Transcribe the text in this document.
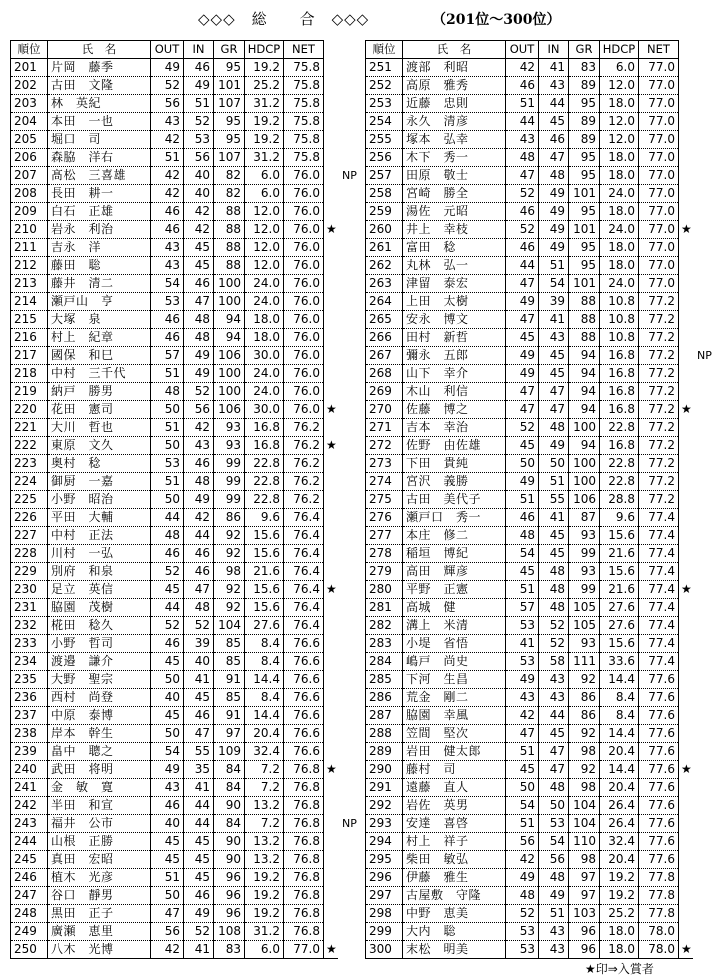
◇◇◇　総　　合　◇◇◇	（201位～300位）
順位	氏　名	OUT	IN	GR	HDCP	NET	
201	片岡　藤季	49	46	95	19.2	75.8	
202	古田　文隆	52	49	101	25.2	75.8	
203	林　英紀	56	51	107	31.2	75.8	
204	本田　一也	43	52	95	19.2	75.8	
205	堀口　司	42	53	95	19.2	75.8	
206	森脇　洋右	51	56	107	31.2	75.8	
207	髙松　三喜雄	42	40	82	6.0	76.0	
208	長田　耕一	42	40	82	6.0	76.0	
209	白石　正雄	46	42	88	12.0	76.0	
210	岩永　利治	46	42	88	12.0	76.0	★
211	吉永　洋	43	45	88	12.0	76.0	
212	藤田　聡	43	45	88	12.0	76.0	
213	藤井　清二	54	46	100	24.0	76.0	
214	瀬戸山　亨	53	47	100	24.0	76.0	
215	大塚　泉	46	48	94	18.0	76.0	
216	村上　紀章	46	48	94	18.0	76.0	
217	國保　和巳	57	49	106	30.0	76.0	
218	中村　三千代	51	49	100	24.0	76.0	
219	納戸　勝男	48	52	100	24.0	76.0	
220	花田　憲司	50	56	106	30.0	76.0	★
221	大川　哲也	51	42	93	16.8	76.2	
222	東原　文久	50	43	93	16.8	76.2	★
223	奥村　稔	53	46	99	22.8	76.2	
224	御厨　一嘉	51	48	99	22.8	76.2	
225	小野　昭治	50	49	99	22.8	76.2	
226	平田　大輔	44	42	86	9.6	76.4	
227	中村　正法	48	44	92	15.6	76.4	
228	川村　一弘	46	46	92	15.6	76.4	
229	別府　和泉	52	46	98	21.6	76.4	
230	足立　英信	45	47	92	15.6	76.4	★
231	脇園　茂樹	44	48	92	15.6	76.4	
232	椛田　稔久	52	52	104	27.6	76.4	
233	小野　哲司	46	39	85	8.4	76.6	
234	渡邉　謙介	45	40	85	8.4	76.6	
235	大野　聖宗	50	41	91	14.4	76.6	
236	西村　尚登	40	45	85	8.4	76.6	
237	中原　泰博	45	46	91	14.4	76.6	
238	岸本　幹生	50	47	97	20.4	76.6	
239	畠中　聰之	54	55	109	32.4	76.6	
240	武田　将明	49	35	84	7.2	76.8	★
241	金　敏　寛	43	41	84	7.2	76.8	
242	半田　和宣	46	44	90	13.2	76.8	
243	福井　公市	40	44	84	7.2	76.8	
244	山根　正勝	45	45	90	13.2	76.8	
245	真田　宏昭	45	45	90	13.2	76.8	
246	植木　光彦	51	45	96	19.2	76.8	
247	谷口　靜男	50	46	96	19.2	76.8	
248	黒田　正子	47	49	96	19.2	76.8	
249	廣瀬　恵里	56	52	108	31.2	76.8	
250	八木　光博	42	41	83	6.0	77.0	★
順位	氏　名	OUT	IN	GR	HDCP	NET	
251	渡部　利昭	42	41	83	6.0	77.0	
252	高原　雅秀	46	43	89	12.0	77.0	
253	近藤　忠則	51	44	95	18.0	77.0	
254	永久　清彦	44	45	89	12.0	77.0	
255	塚本　弘幸	43	46	89	12.0	77.0	
256	木下　秀一	48	47	95	18.0	77.0	
257	田原　敬士	47	48	95	18.0	77.0	
258	宮崎　勝全	52	49	101	24.0	77.0	
259	湯佐　元昭	46	49	95	18.0	77.0	
260	井上　幸枝	52	49	101	24.0	77.0	★
261	富田　稔	46	49	95	18.0	77.0	
262	丸林　弘一	44	51	95	18.0	77.0	
263	津留　泰宏	47	54	101	24.0	77.0	
264	上田　太樹	49	39	88	10.8	77.2	
265	安永　博文	47	41	88	10.8	77.2	
266	田村　新哲	45	43	88	10.8	77.2	
267	彌永　五郎	49	45	94	16.8	77.2	
268	山下　幸介	49	45	94	16.8	77.2	
269	木山　利信	47	47	94	16.8	77.2	
270	佐藤　博之	47	47	94	16.8	77.2	★
271	吉本　幸治	52	48	100	22.8	77.2	
272	佐野　由佐雄	45	49	94	16.8	77.2	
273	下田　貴純	50	50	100	22.8	77.2	
274	宮沢　義勝	49	51	100	22.8	77.2	
275	古田　美代子	51	55	106	28.8	77.2	
276	瀬戸口　秀一	46	41	87	9.6	77.4	
277	本庄　修二	48	45	93	15.6	77.4	
278	稲垣　博紀	54	45	99	21.6	77.4	
279	高田　輝彦	45	48	93	15.6	77.4	
280	平野　正憲	51	48	99	21.6	77.4	★
281	高城　健	57	48	105	27.6	77.4	
282	溝上　米清	53	52	105	27.6	77.4	
283	小堤　省悟	41	52	93	15.6	77.4	
284	嶋戸　尚史	53	58	111	33.6	77.4	
285	下河　生昌	49	43	92	14.4	77.6	
286	荒金　剛二	43	43	86	8.4	77.6	
287	脇園　幸風	42	44	86	8.4	77.6	
288	笠間　堅次	47	45	92	14.4	77.6	
289	岩田　健太郎	51	47	98	20.4	77.6	
290	藤村　司	45	47	92	14.4	77.6	★
291	遠藤　直人	50	48	98	20.4	77.6	
292	岩佐　英男	54	50	104	26.4	77.6	
293	安達　喜啓	51	53	104	26.4	77.6	
294	村上　祥子	56	54	110	32.4	77.6	
295	柴田　敏弘	42	56	98	20.4	77.6	
296	伊藤　雅生	49	48	97	19.2	77.8	
297	古屋敷　守隆	48	49	97	19.2	77.8	
298	中野　恵美	52	51	103	25.2	77.8	
299	大内　聡	53	43	96	18.0	78.0	
300	末松　明美	53	43	96	18.0	78.0	★
NP
NP
NP
★印⇒入賞者
